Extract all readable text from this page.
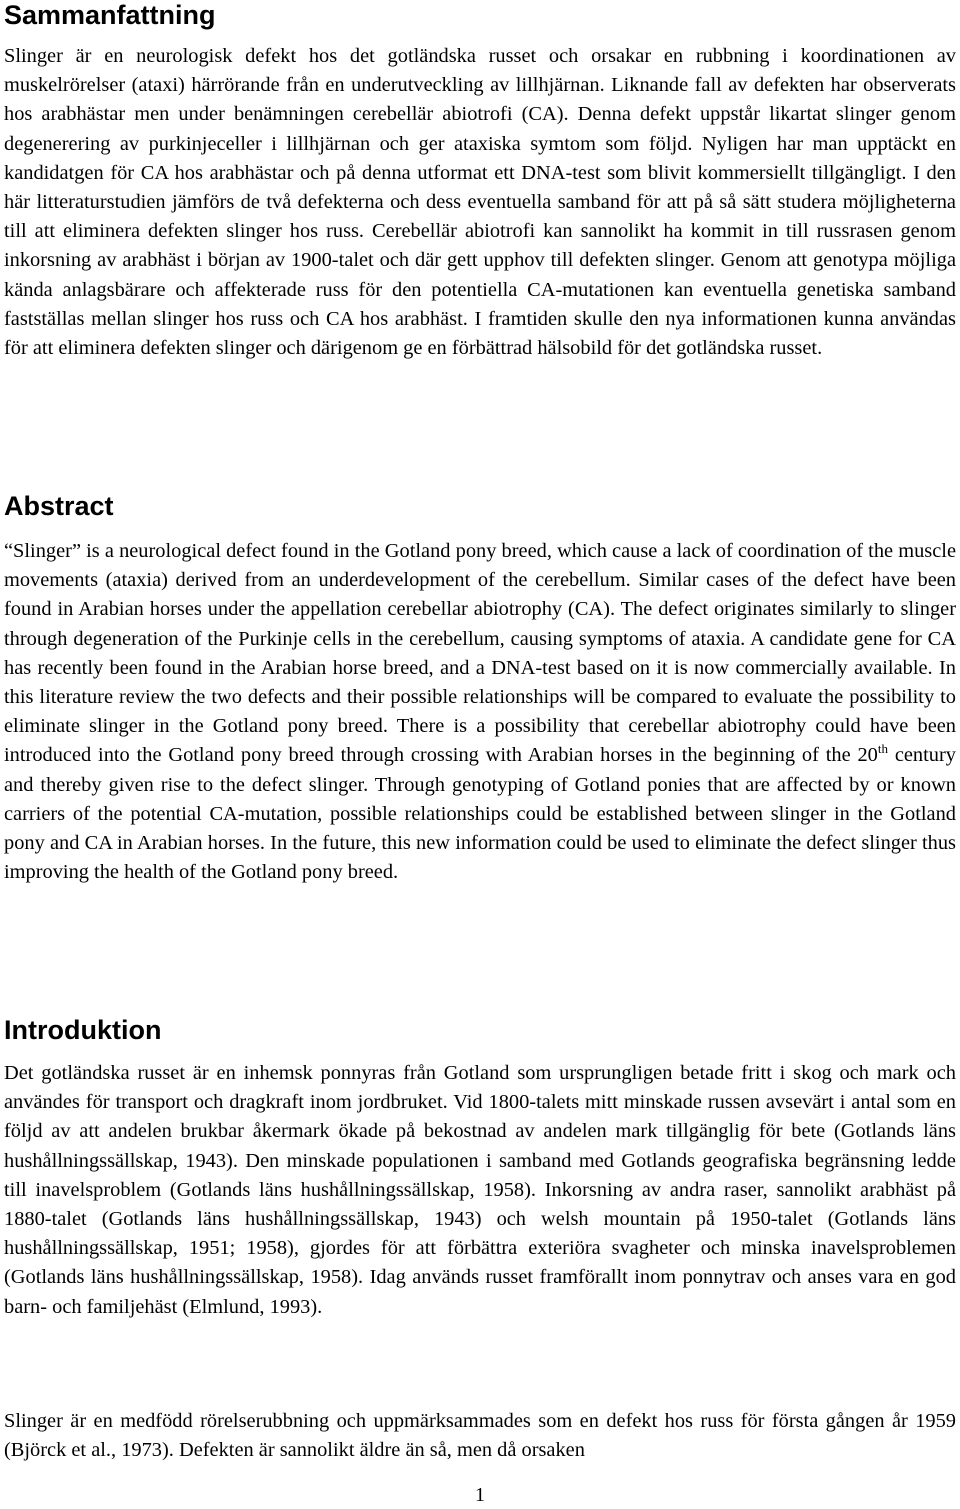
Sammanfattning

Slinger är en neurologisk defekt hos det gotländska russet och orsakar en rubbning i koordinationen av muskelrörelser (ataxi) härrörande från en underutveckling av lillhjärnan. Liknande fall av defekten har observerats hos arabhästar men under benämningen cerebellär abiotrofi (CA). Denna defekt uppstår likartat slinger genom degenerering av purkinjeceller i lillhjärnan och ger ataxiska symtom som följd. Nyligen har man upptäckt en kandidatgen för CA hos arabhästar och på denna utformat ett DNA-test som blivit kommersiellt tillgängligt. I den här litteraturstudien jämförs de två defekterna och dess eventuella samband för att på så sätt studera möjligheterna till att eliminera defekten slinger hos russ. Cerebellär abiotrofi kan sannolikt ha kommit in till russrasen genom inkorsning av arabhäst i början av 1900-talet och där gett upphov till defekten slinger. Genom att genotypa möjliga kända anlagsbärare och affekterade russ för den potentiella CA-mutationen kan eventuella genetiska samband fastställas mellan slinger hos russ och CA hos arabhäst. I framtiden skulle den nya informationen kunna användas för att eliminera defekten slinger och därigenom ge en förbättrad hälsobild för det gotländska russet.

Abstract

“Slinger” is a neurological defect found in the Gotland pony breed, which cause a lack of coordination of the muscle movements (ataxia) derived from an underdevelopment of the cerebellum. Similar cases of the defect have been found in Arabian horses under the appellation cerebellar abiotrophy (CA). The defect originates similarly to slinger through degeneration of the Purkinje cells in the cerebellum, causing symptoms of ataxia. A candidate gene for CA has recently been found in the Arabian horse breed, and a DNA-test based on it is now commercially available. In this literature review the two defects and their possible relationships will be compared to evaluate the possibility to eliminate slinger in the Gotland pony breed. There is a possibility that cerebellar abiotrophy could have been introduced into the Gotland pony breed through crossing with Arabian horses in the beginning of the 20th century and thereby given rise to the defect slinger. Through genotyping of Gotland ponies that are affected by or known carriers of the potential CA-mutation, possible relationships could be established between slinger in the Gotland pony and CA in Arabian horses. In the future, this new information could be used to eliminate the defect slinger thus improving the health of the Gotland pony breed.

Introduktion

Det gotländska russet är en inhemsk ponnyras från Gotland som ursprungligen betade fritt i skog och mark och användes för transport och dragkraft inom jordbruket. Vid 1800-talets mitt minskade russen avsevärt i antal som en följd av att andelen brukbar åkermark ökade på bekostnad av andelen mark tillgänglig för bete (Gotlands läns hushållningssällskap, 1943). Den minskade populationen i samband med Gotlands geografiska begränsning ledde till inavelsproblem (Gotlands läns hushållningssällskap, 1958). Inkorsning av andra raser, sannolikt arabhäst på 1880-talet (Gotlands läns hushållningssällskap, 1943) och welsh mountain på 1950-talet (Gotlands läns hushållningssällskap, 1951; 1958), gjordes för att förbättra exteriöra svagheter och minska inavelsproblemen (Gotlands läns hushållningssällskap, 1958). Idag används russet framförallt inom ponnytrav och anses vara en god barn- och familjehäst (Elmlund, 1993).

Slinger är en medfödd rörelserubbning och uppmärksammades som en defekt hos russ för första gången år 1959 (Björck et al., 1973). Defekten är sannolikt äldre än så, men då orsaken

1
